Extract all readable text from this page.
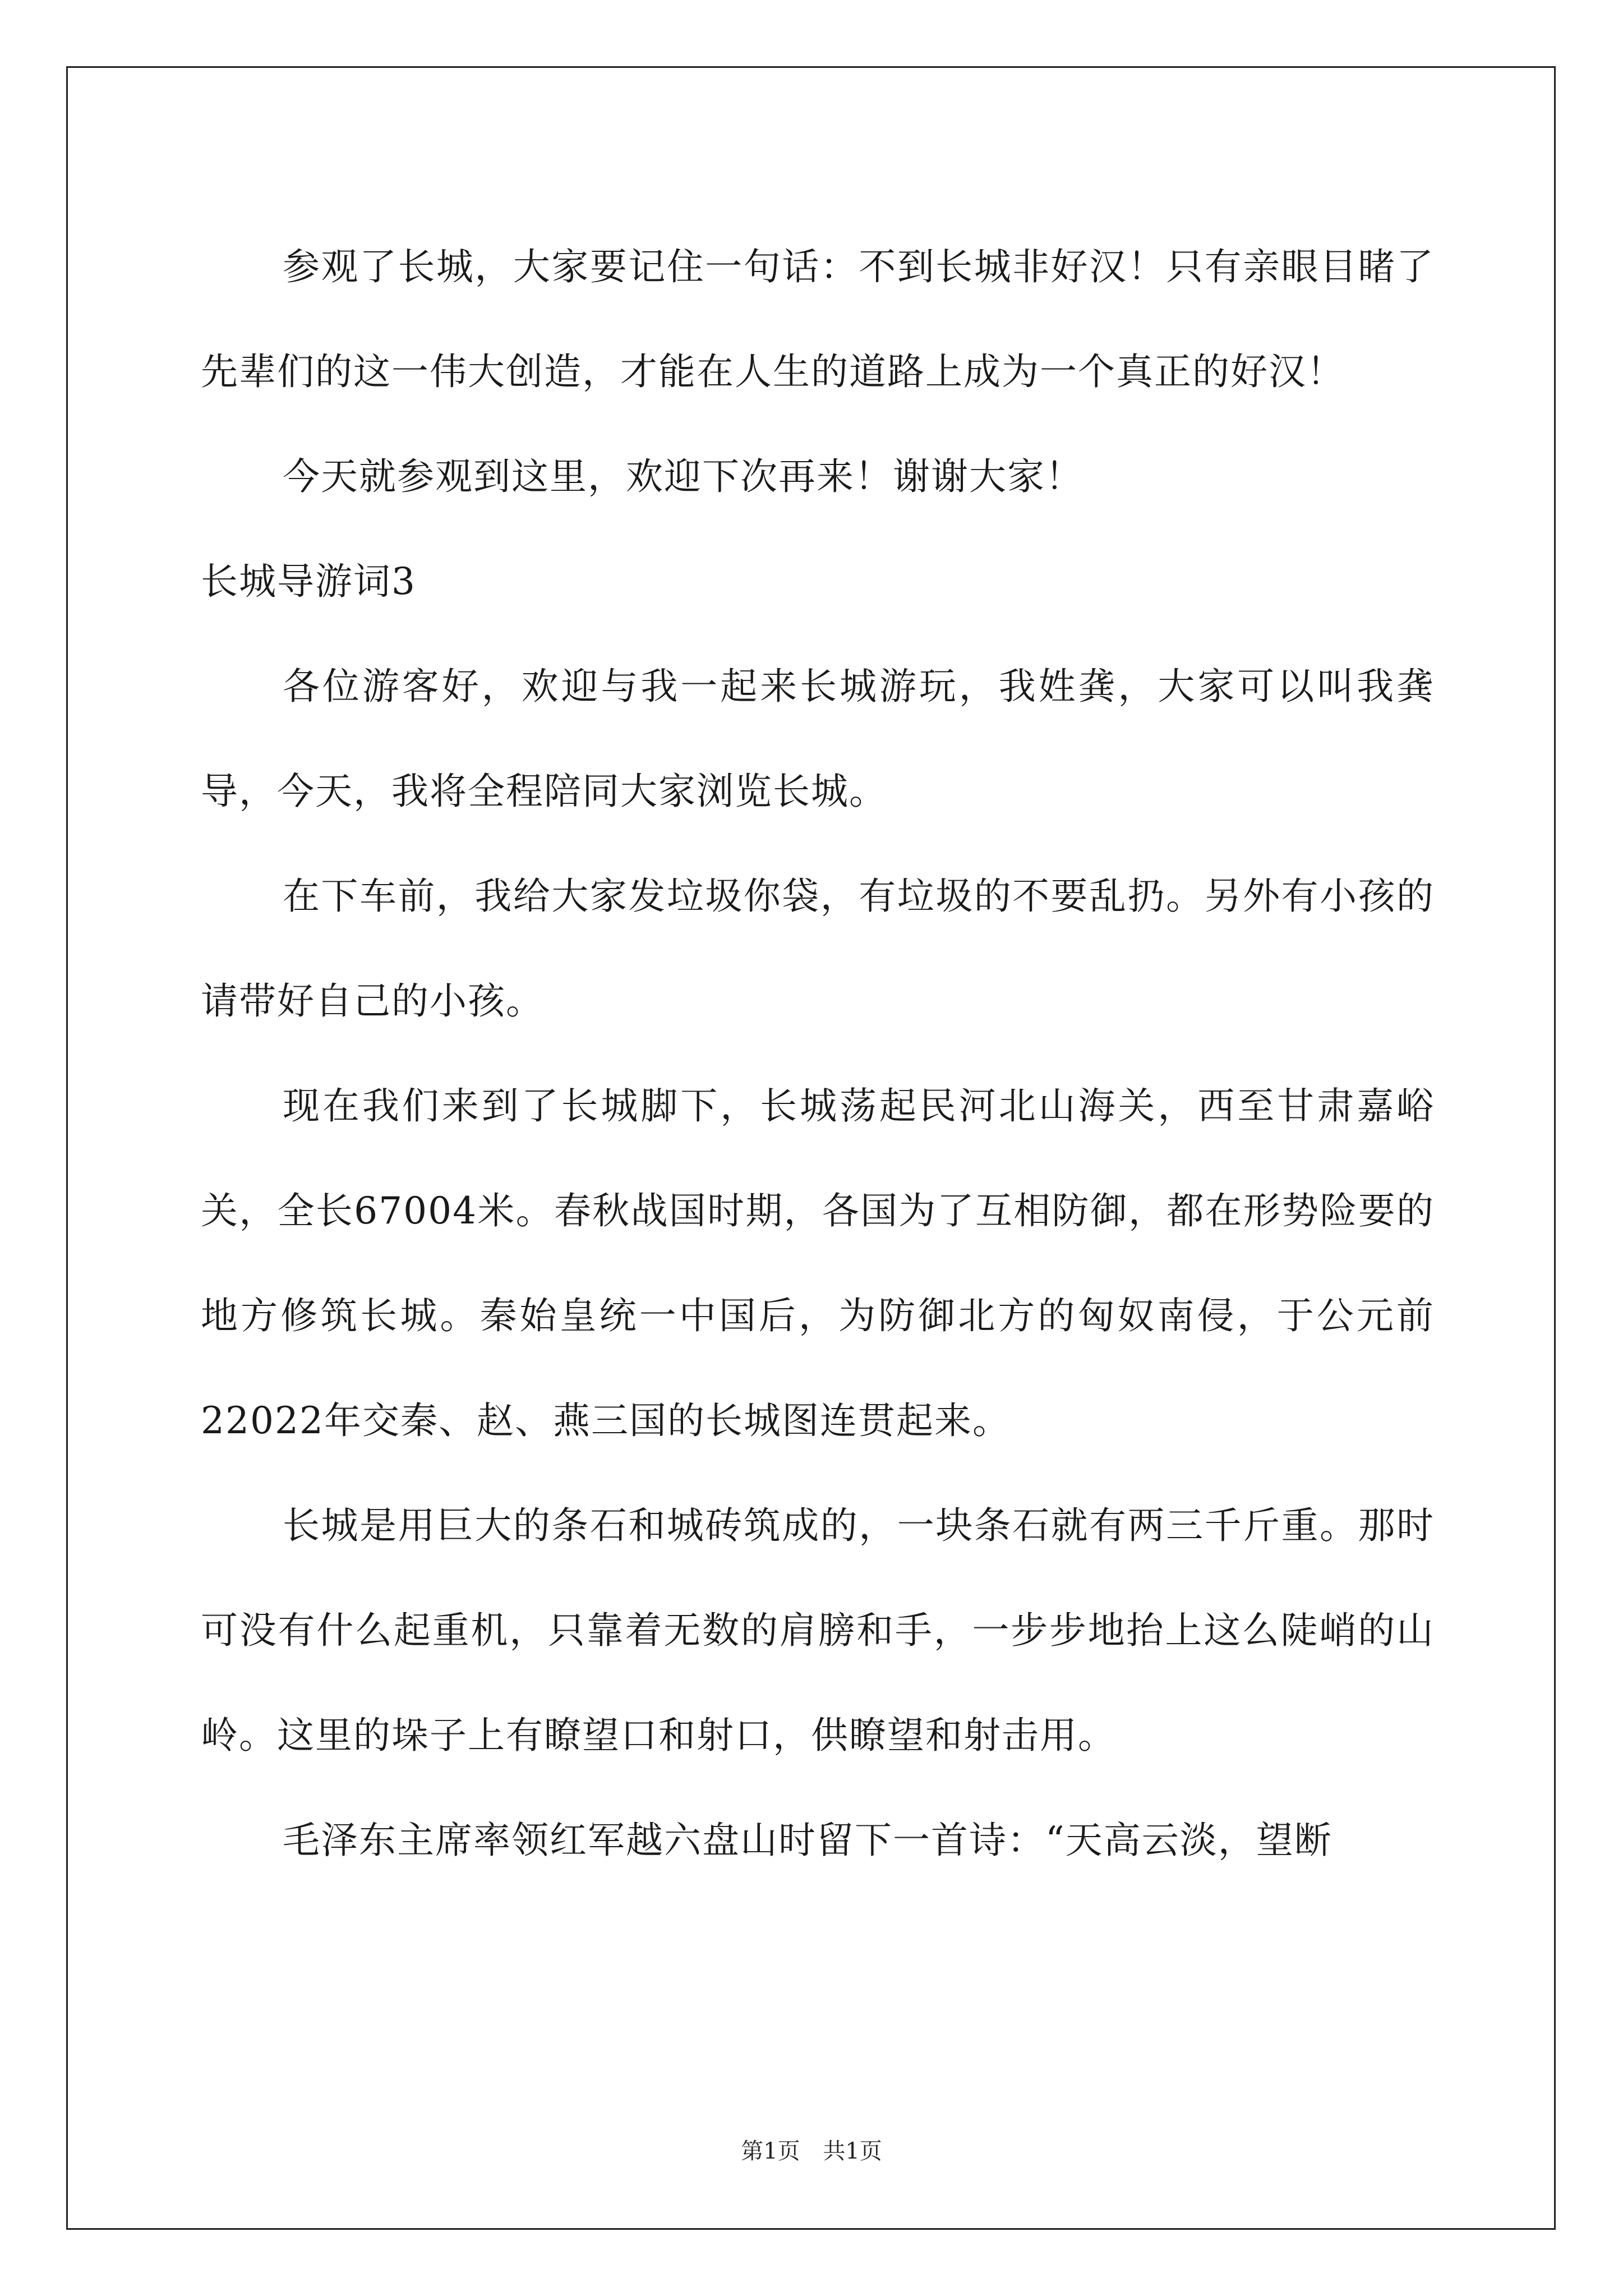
参观了长城，大家要记住一句话：不到长城非好汉！只有亲眼目睹了先辈们的这一伟大创造，才能在人生的道路上成为一个真正的好汉！

今天就参观到这里，欢迎下次再来！谢谢大家！

长城导游词3

各位游客好，欢迎与我一起来长城游玩，我姓龚，大家可以叫我龚导，今天，我将全程陪同大家浏览长城。

在下车前，我给大家发垃圾你袋，有垃圾的不要乱扔。另外有小孩的请带好自己的小孩。

现在我们来到了长城脚下，长城荡起民河北山海关，西至甘肃嘉峪关，全长67004米。春秋战国时期，各国为了互相防御，都在形势险要的地方修筑长城。秦始皇统一中国后，为防御北方的匈奴南侵，于公元前22022年交秦、赵、燕三国的长城图连贯起来。

长城是用巨大的条石和城砖筑成的，一块条石就有两三千斤重。那时可没有什么起重机，只靠着无数的肩膀和手，一步步地抬上这么陡峭的山岭。这里的垛子上有瞭望口和射口，供瞭望和射击用。

毛泽东主席率领红军越六盘山时留下一首诗：“天高云淡，望断

第1页 共1页
